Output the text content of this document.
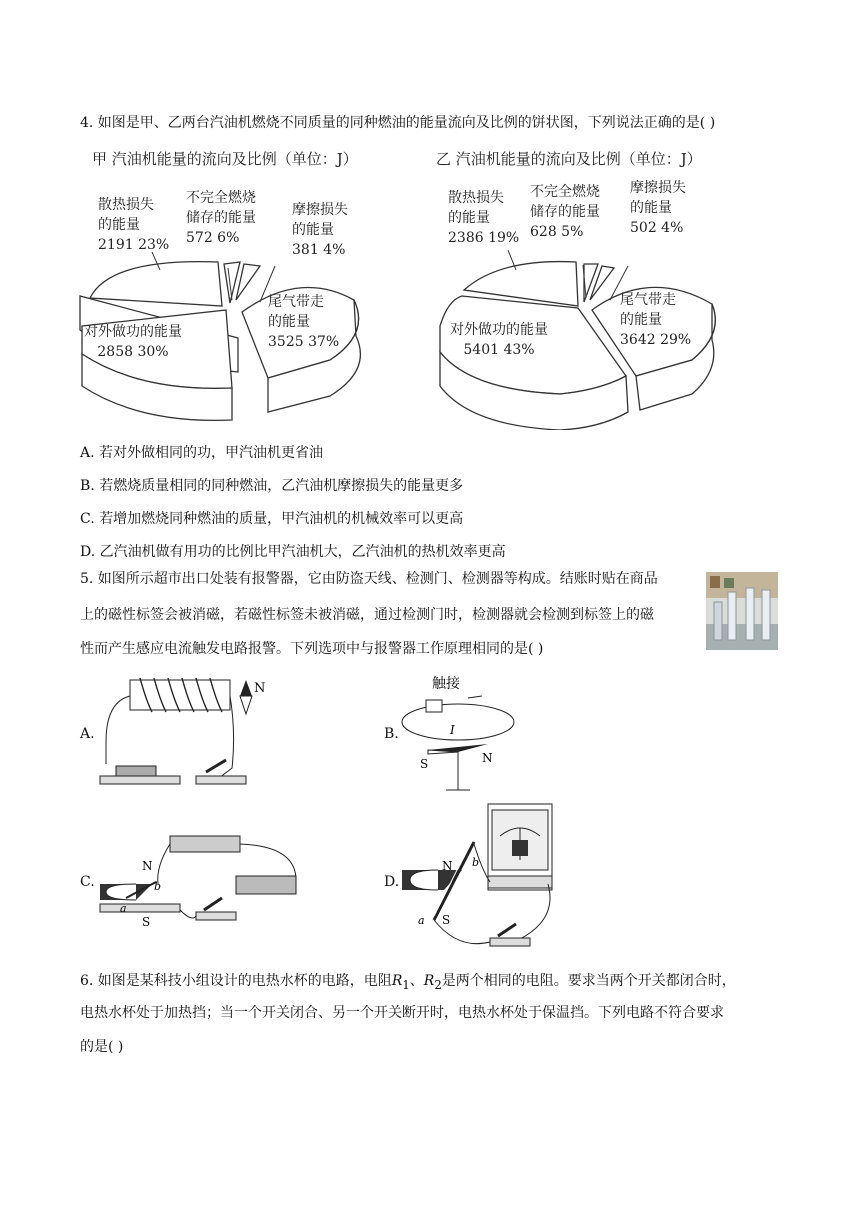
4. 如图是甲、乙两台汽油机燃烧不同质量的同种燃油的能量流向及比例的饼状图，下列说法正确的是( )
甲 汽油机能量的流向及比例（单位：J）
散热损失
的能量
2191 23%
不完全燃烧
储存的能量
572 6%
摩擦损失
的能量
381 4%
尾气带走
的能量
3525 37%
对外做功的能量
2858 30%
乙 汽油机能量的流向及比例（单位：J）
散热损失
的能量
2386 19%
不完全燃烧
储存的能量
628 5%
摩擦损失
的能量
502 4%
尾气带走
的能量
3642 29%
对外做功的能量
5401 43%
A. 若对外做相同的功，甲汽油机更省油
B. 若燃烧质量相同的同种燃油，乙汽油机摩擦损失的能量更多
C. 若增加燃烧同种燃油的质量，甲汽油机的机械效率可以更高
D. 乙汽油机做有用功的比例比甲汽油机大，乙汽油机的热机效率更高
5. 如图所示超市出口处装有报警器，它由防盗天线、检测门、检测器等构成。结账时贴在商品
上的磁性标签会被消磁，若磁性标签未被消磁，通过检测门时，检测器就会检测到标签上的磁
性而产生感应电流触发电路报警。下列选项中与报警器工作原理相同的是( )
A.
N
B.
触接
I
S	N
C.
N
S
a
b	D.
N
S
a
b
6. 如图是某科技小组设计的电热水杯的电路，电阻$R_1$、$R_2$是两个相同的电阻。要求当两个开关都闭合时，
电热水杯处于加热挡；当一个开关闭合、另一个开关断开时，电热水杯处于保温挡。下列电路不符合要求
的是( )
